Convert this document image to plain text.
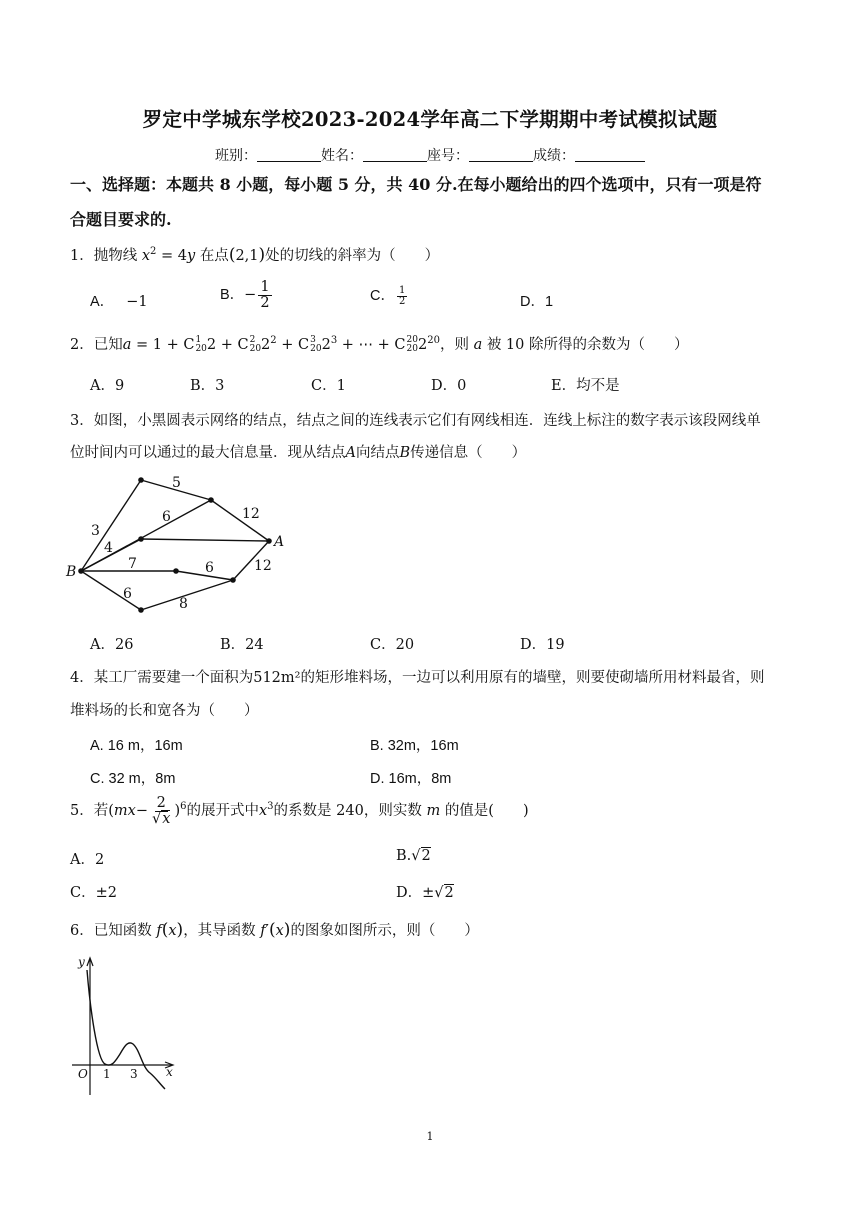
罗定中学城东学校2023-2024学年高二下学期期中考试模拟试题
班别：	姓名：	座号：	成绩：
一、选择题：本题共 8 小题，每小题 5 分，共 40 分.在每小题给出的四个选项中，只有一项是符
合题目要求的.
1．抛物线 $x^2 = 4y$ 在点(2,1)处的切线的斜率为（　　）
A． −1	B．− $\frac{1}{2}$	C． $\frac{1}{2}$	D．1
2．已知a = 1 + C 1
20 2 + C 2
20 $2^2 + C$ 3
20 $2^3$ + ⋯ + C 20
20 $2^{20}$，则 a 被 10 除所得的余数为（　　）
A．9	B．3	C．1	D．0	E．均不是
3．如图，小黑圆表示网络的结点，结点之间的连线表示它们有网线相连．连线上标注的数字表示该段网线单
位时间内可以通过的最大信息量．现从结点A向结点B传递信息（　　）
5
3
6	12
4
7	6	12
6
8
A
B
A．26	B．24	C．20	D．19
4．某工厂需要建一个面积为512m²的矩形堆料场，一边可以利用原有的墙壁，则要使砌墙所用材料最省，则
堆料场的长和宽各为（　　）
A. 16 m，16m	B. 32m，16m
C. 32 m，8m	D. 16m，8m
5．若$(mx- \frac{2}{√x} )^6$的展开式中$x^3$的系数是 240，则实数 m 的值是(　　)
A．2	B.√2
C．±2	D．±√2
6．已知函数 f(x)，其导函数 f′(x)的图象如图所示，则（　　）
y
O 1 3 x
1
